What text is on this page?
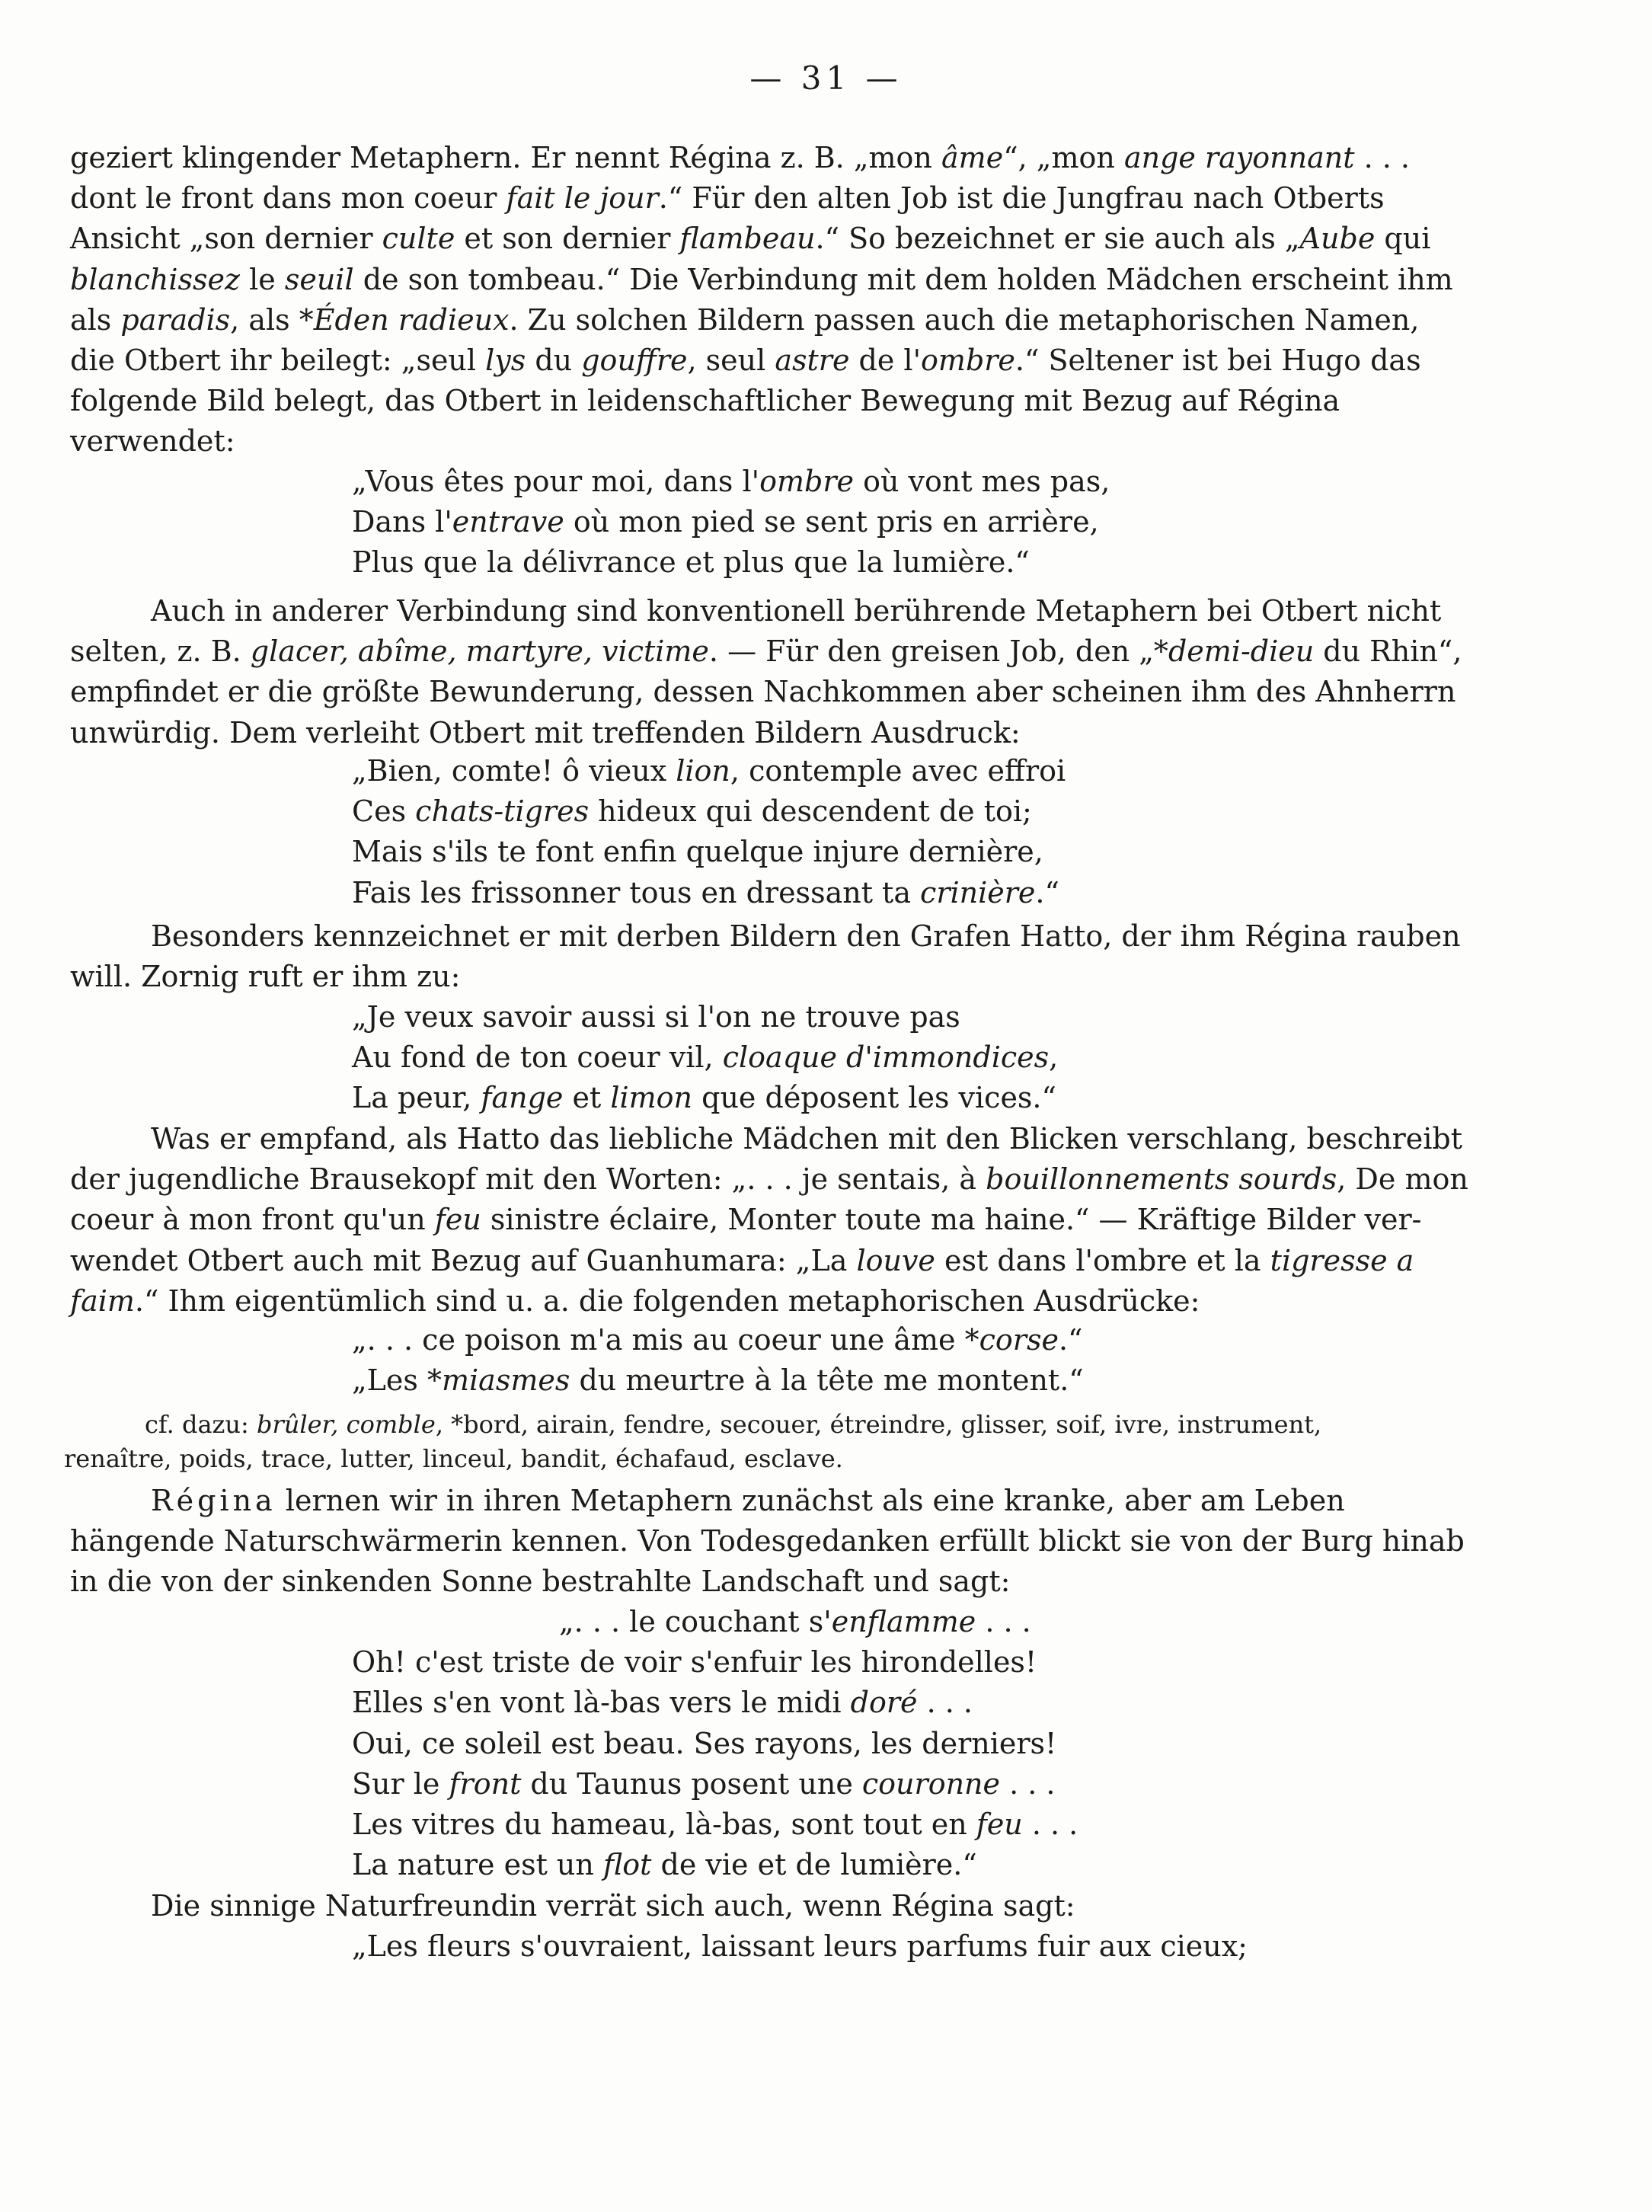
— 31 —
geziert klingender Metaphern. Er nennt Régina z. B. „mon âme“, „mon ange rayonnant . . .
dont le front dans mon coeur fait le jour.“ Für den alten Job ist die Jungfrau nach Otberts
Ansicht „son dernier culte et son dernier flambeau.“ So bezeichnet er sie auch als „Aube qui
blanchissez le seuil de son tombeau.“ Die Verbindung mit dem holden Mädchen erscheint ihm
als paradis, als *Éden radieux. Zu solchen Bildern passen auch die metaphorischen Namen,
die Otbert ihr beilegt: „seul lys du gouffre, seul astre de l'ombre.“ Seltener ist bei Hugo das
folgende Bild belegt, das Otbert in leidenschaftlicher Bewegung mit Bezug auf Régina
verwendet:
„Vous êtes pour moi, dans l'ombre où vont mes pas,
Dans l'entrave où mon pied se sent pris en arrière,
Plus que la délivrance et plus que la lumière.“
Auch in anderer Verbindung sind konventionell berührende Metaphern bei Otbert nicht
selten, z. B. glacer, abîme, martyre, victime. — Für den greisen Job, den „*demi-dieu du Rhin“,
empfindet er die größte Bewunderung, dessen Nachkommen aber scheinen ihm des Ahnherrn
unwürdig. Dem verleiht Otbert mit treffenden Bildern Ausdruck:
„Bien, comte! ô vieux lion, contemple avec effroi
Ces chats-tigres hideux qui descendent de toi;
Mais s'ils te font enfin quelque injure dernière,
Fais les frissonner tous en dressant ta crinière.“
Besonders kennzeichnet er mit derben Bildern den Grafen Hatto, der ihm Régina rauben
will. Zornig ruft er ihm zu:
„Je veux savoir aussi si l'on ne trouve pas
Au fond de ton coeur vil, cloaque d'immondices,
La peur, fange et limon que déposent les vices.“
Was er empfand, als Hatto das liebliche Mädchen mit den Blicken verschlang, beschreibt
der jugendliche Brausekopf mit den Worten: „. . . je sentais, à bouillonnements sourds, De mon
coeur à mon front qu'un feu sinistre éclaire, Monter toute ma haine.“ — Kräftige Bilder ver-
wendet Otbert auch mit Bezug auf Guanhumara: „La louve est dans l'ombre et la tigresse a
faim.“ Ihm eigentümlich sind u. a. die folgenden metaphorischen Ausdrücke:
„. . . ce poison m'a mis au coeur une âme *corse.“
„Les *miasmes du meurtre à la tête me montent.“
cf. dazu: brûler, comble, *bord, airain, fendre, secouer, étreindre, glisser, soif, ivre, instrument,
renaître, poids, trace, lutter, linceul, bandit, échafaud, esclave.
Régina lernen wir in ihren Metaphern zunächst als eine kranke, aber am Leben
hängende Naturschwärmerin kennen. Von Todesgedanken erfüllt blickt sie von der Burg hinab
in die von der sinkenden Sonne bestrahlte Landschaft und sagt:
„. . . le couchant s'enflamme . . .
Oh! c'est triste de voir s'enfuir les hirondelles!
Elles s'en vont là-bas vers le midi doré . . .
Oui, ce soleil est beau. Ses rayons, les derniers!
Sur le front du Taunus posent une couronne . . .
Les vitres du hameau, là-bas, sont tout en feu . . .
La nature est un flot de vie et de lumière.“
Die sinnige Naturfreundin verrät sich auch, wenn Régina sagt:
„Les fleurs s'ouvraient, laissant leurs parfums fuir aux cieux;
